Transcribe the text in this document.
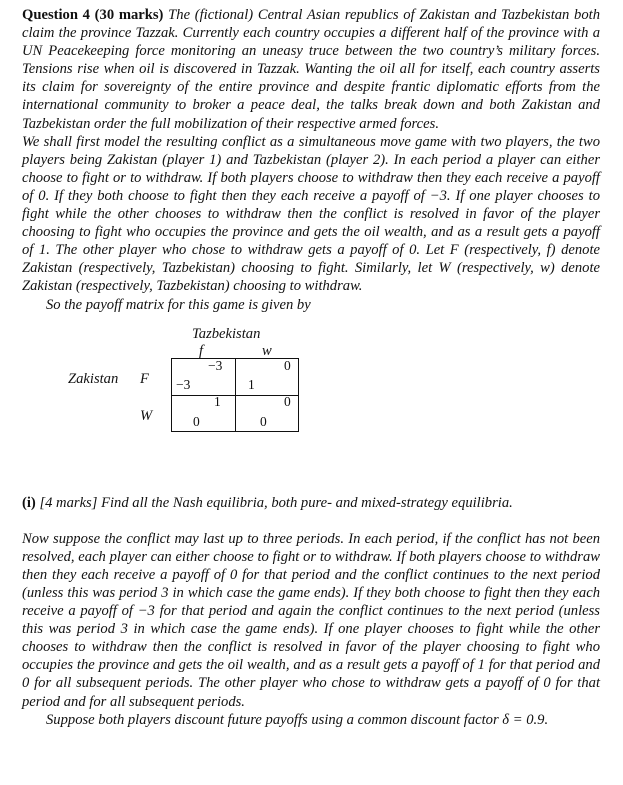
Question 4 (30 marks) The (fictional) Central Asian republics of Zakistan and Tazbekistan both claim the province Tazzak. Currently each country occupies a different half of the province with a UN Peacekeeping force monitoring an uneasy truce between the two country’s military forces. Tensions rise when oil is discovered in Tazzak. Wanting the oil all for itself, each country asserts its claim for sovereignty of the entire province and despite frantic diplomatic efforts from the international community to broker a peace deal, the talks break down and both Zakistan and Tazbekistan order the full mobilization of their respective armed forces.

We shall first model the resulting conflict as a simultaneous move game with two players, the two players being Zakistan (player 1) and Tazbekistan (player 2). In each period a player can either choose to fight or to withdraw. If both players choose to withdraw then they each receive a payoff of 0. If they both choose to fight then they each receive a payoff of −3. If one player chooses to fight while the other chooses to withdraw then the conflict is resolved in favor of the player choosing to fight who occupies the province and gets the oil wealth, and as a result gets a payoff of 1. The other player who chose to withdraw gets a payoff of 0. Let F (respectively, f) denote Zakistan (respectively, Tazbekistan) choosing to fight. Similarly, let W (respectively, w) denote Zakistan (respectively, Tazbekistan) choosing to withdraw.

So the payoff matrix for this game is given by

Tazbekistan
f	w
Zakistan F
W
−3
−3
0
1
1
0
0
0

(i) [4 marks] Find all the Nash equilibria, both pure- and mixed-strategy equilibria.

Now suppose the conflict may last up to three periods. In each period, if the conflict has not been resolved, each player can either choose to fight or to withdraw. If both players choose to withdraw then they each receive a payoff of 0 for that period and the conflict continues to the next period (unless this was period 3 in which case the game ends). If they both choose to fight then they each receive a payoff of −3 for that period and again the conflict continues to the next period (unless this was period 3 in which case the game ends). If one player chooses to fight while the other chooses to withdraw then the conflict is resolved in favor of the player choosing to fight who occupies the province and gets the oil wealth, and as a result gets a payoff of 1 for that period and 0 for all subsequent periods. The other player who chose to withdraw gets a payoff of 0 for that period and for all subsequent periods.

Suppose both players discount future payoffs using a common discount factor δ = 0.9.
